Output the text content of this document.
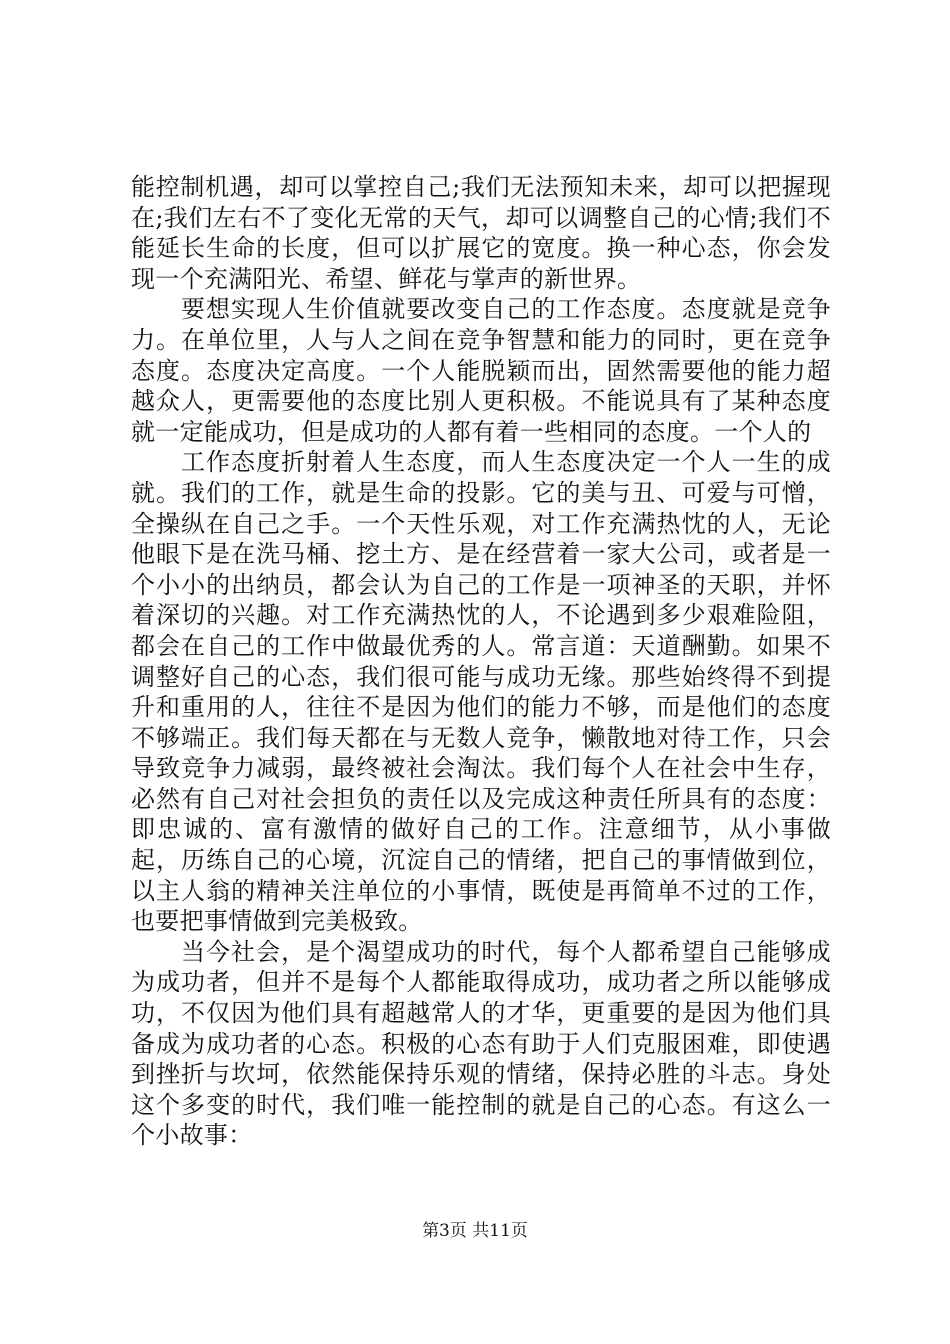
能控制机遇，却可以掌控自己;我们无法预知未来，却可以把握现在;我们左右不了变化无常的天气，却可以调整自己的心情;我们不能延长生命的长度，但可以扩展它的宽度。换一种心态，你会发现一个充满阳光、希望、鲜花与掌声的新世界。

要想实现人生价值就要改变自己的工作态度。态度就是竞争力。在单位里，人与人之间在竞争智慧和能力的同时，更在竞争态度。态度决定高度。一个人能脱颖而出，固然需要他的能力超越众人，更需要他的态度比别人更积极。不能说具有了某种态度就一定能成功，但是成功的人都有着一些相同的态度。一个人的

工作态度折射着人生态度，而人生态度决定一个人一生的成就。我们的工作，就是生命的投影。它的美与丑、可爱与可憎，全操纵在自己之手。一个天性乐观，对工作充满热忱的人，无论他眼下是在洗马桶、挖土方、是在经营着一家大公司，或者是一个小小的出纳员，都会认为自己的工作是一项神圣的天职，并怀着深切的兴趣。对工作充满热忱的人，不论遇到多少艰难险阻，都会在自己的工作中做最优秀的人。常言道：天道酬勤。如果不调整好自己的心态，我们很可能与成功无缘。那些始终得不到提升和重用的人，往往不是因为他们的能力不够，而是他们的态度不够端正。我们每天都在与无数人竞争，懒散地对待工作，只会导致竞争力减弱，最终被社会淘汰。我们每个人在社会中生存，必然有自己对社会担负的责任以及完成这种责任所具有的态度：即忠诚的、富有激情的做好自己的工作。注意细节，从小事做起，历练自己的心境，沉淀自己的情绪，把自己的事情做到位，以主人翁的精神关注单位的小事情，既使是再简单不过的工作，也要把事情做到完美极致。

当今社会，是个渴望成功的时代，每个人都希望自己能够成为成功者，但并不是每个人都能取得成功，成功者之所以能够成功，不仅因为他们具有超越常人的才华，更重要的是因为他们具备成为成功者的心态。积极的心态有助于人们克服困难，即使遇到挫折与坎坷，依然能保持乐观的情绪，保持必胜的斗志。身处这个多变的时代，我们唯一能控制的就是自己的心态。有这么一个小故事：

第3页 共11页
